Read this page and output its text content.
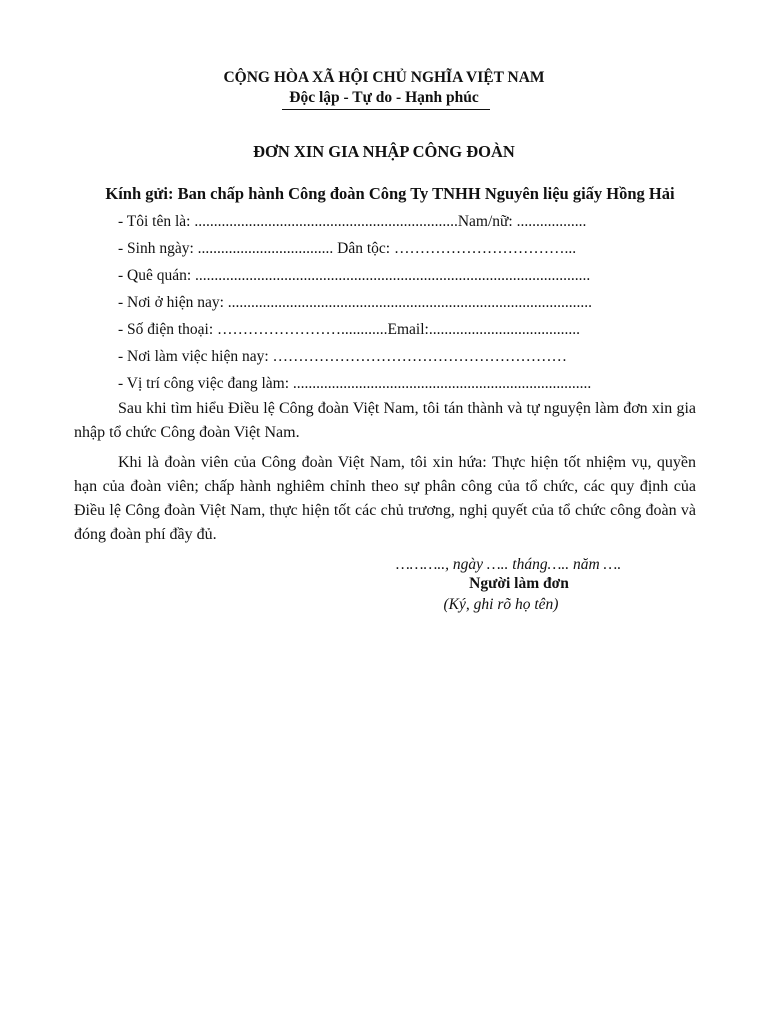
CỘNG HÒA XÃ HỘI CHỦ NGHĨA VIỆT NAM
Độc lập - Tự do - Hạnh phúc
ĐƠN XIN GIA NHẬP CÔNG ĐOÀN
Kính gửi: Ban chấp hành Công đoàn Công Ty TNHH Nguyên liệu giấy Hồng Hải
- Tôi tên là: ....................................................................Nam/nữ: ..................
- Sinh ngày: ................................... Dân tộc: ……………………………...
- Quê quán: ......................................................................................................
- Nơi ở hiện nay: ..............................................................................................
- Số điện thoại: ……………………............Email:.......................................
- Nơi làm việc hiện nay: …………………………………………………
- Vị trí công việc đang làm: .............................................................................
Sau khi tìm hiểu Điều lệ Công đoàn Việt Nam, tôi tán thành và tự nguyện làm đơn xin gia nhập tổ chức Công đoàn Việt Nam.
Khi là đoàn viên của Công đoàn Việt Nam, tôi xin hứa: Thực hiện tốt nhiệm vụ, quyền hạn của đoàn viên; chấp hành nghiêm chỉnh theo sự phân công của tổ chức, các quy định của Điều lệ Công đoàn Việt Nam, thực hiện tốt các chủ trương, nghị quyết của tổ chức công đoàn và đóng đoàn phí đầy đủ.
……….., ngày ….. tháng….. năm ….
Người làm đơn
(Ký, ghi rõ họ tên)
